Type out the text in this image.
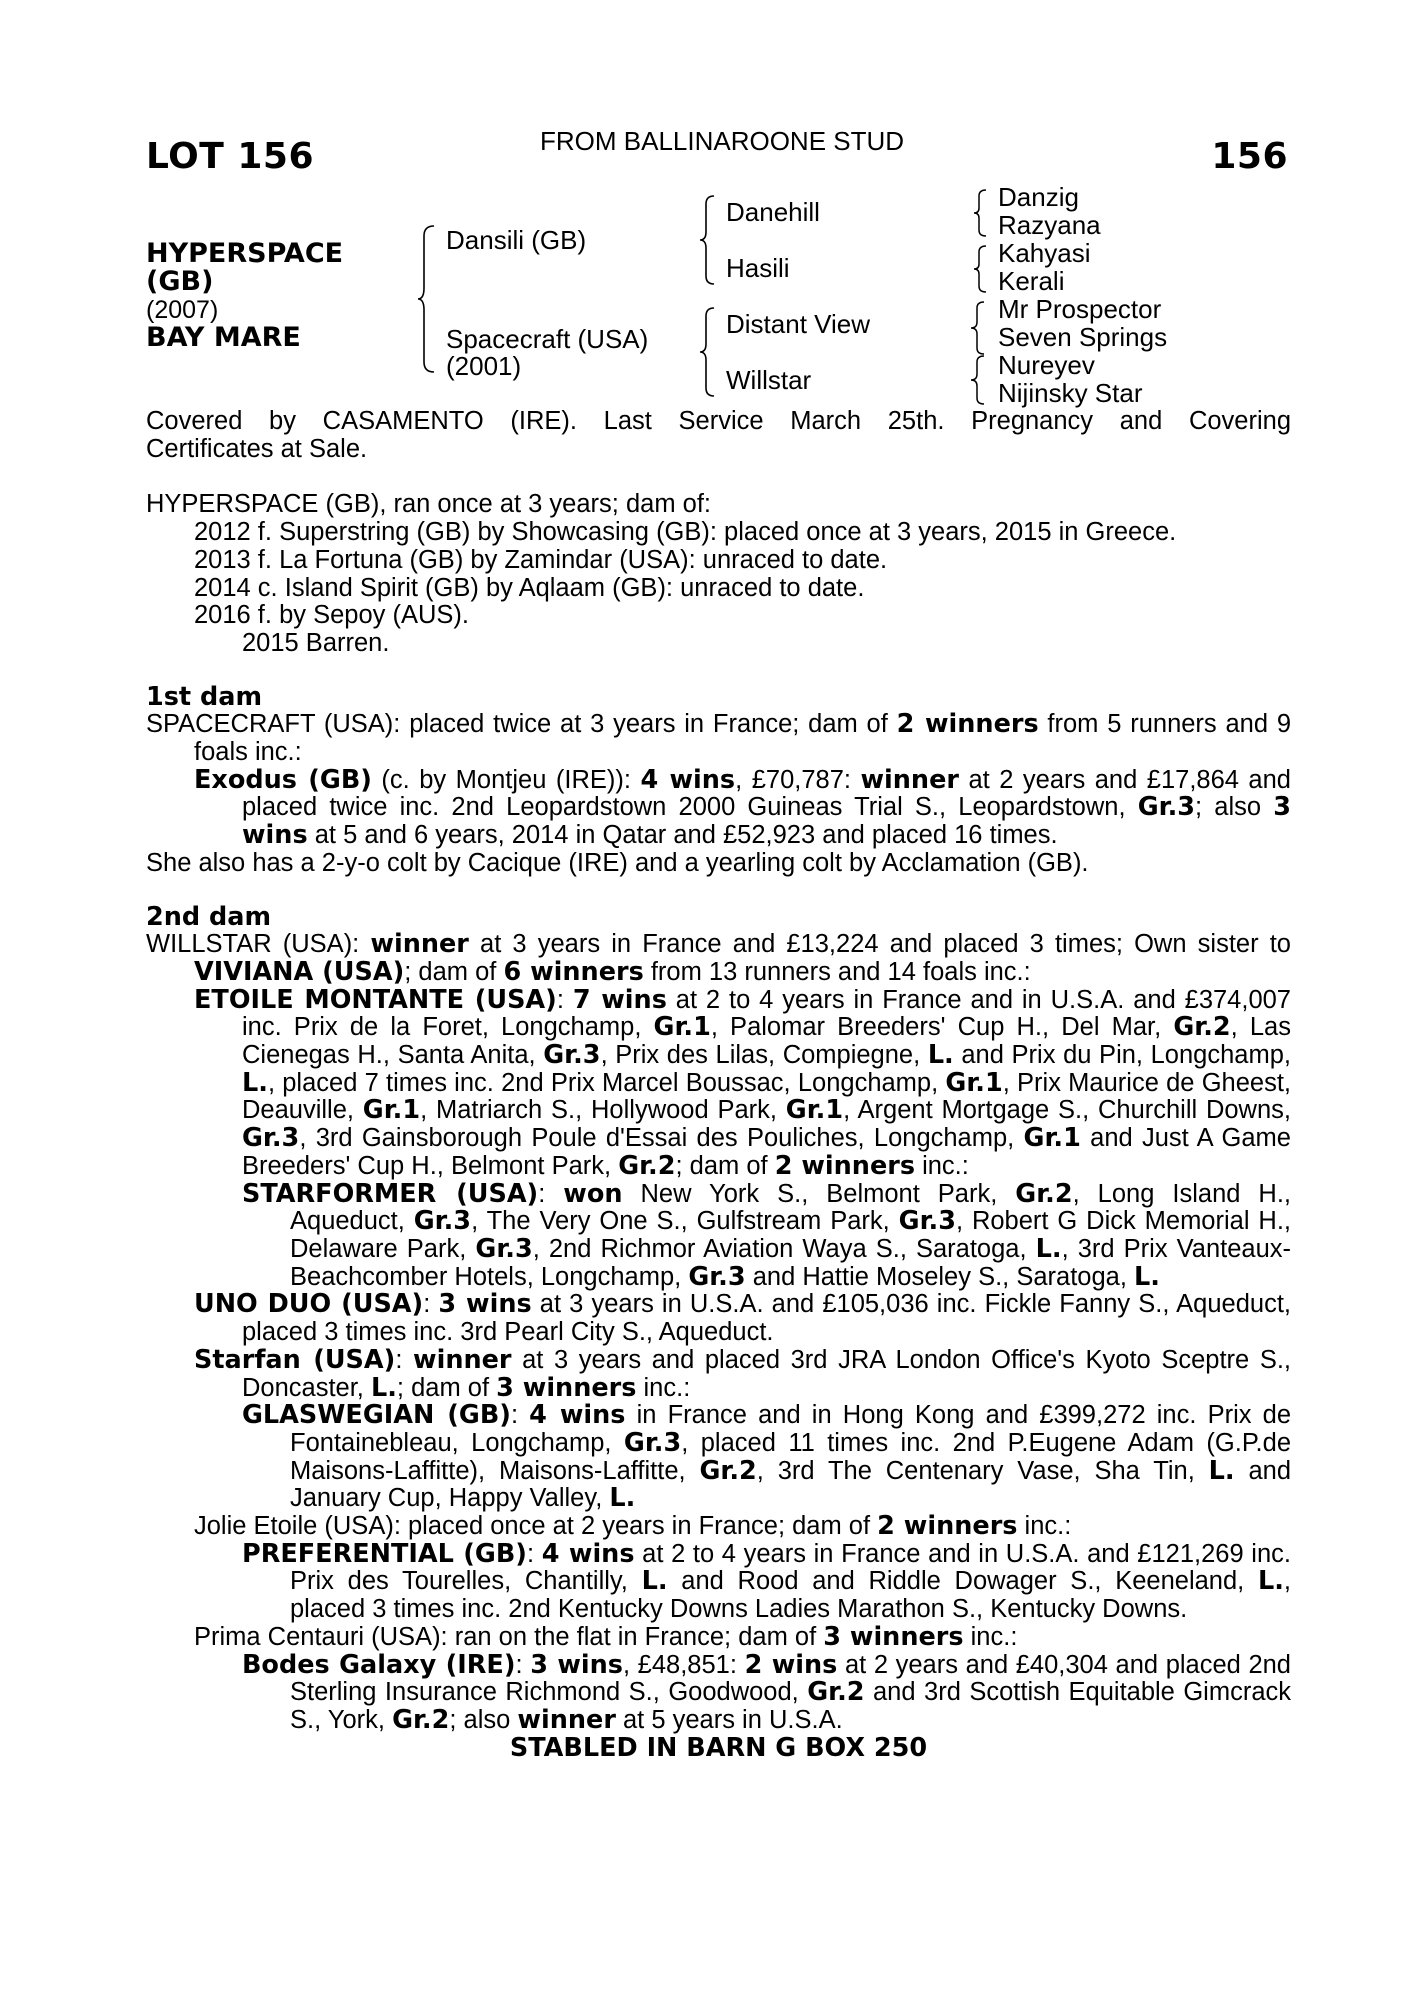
LOT 156	FROM BALLINAROONE STUD	156
HYPERSPACE
(GB)
(2007)
BAY MARE
Dansili (GB)
Spacecraft (USA)
(2001)
Danehill
Hasili
Distant View
Willstar
Danzig
Razyana
Kahyasi
Kerali
Mr Prospector
Seven Springs
Nureyev
Nijinsky Star

Covered by CASAMENTO (IRE). Last Service March 25th. Pregnancy and Covering
Certificates at Sale.

HYPERSPACE (GB), ran once at 3 years; dam of:

2012 f. Superstring (GB) by Showcasing (GB): placed once at 3 years, 2015 in Greece.

2013 f. La Fortuna (GB) by Zamindar (USA): unraced to date.

2014 c. Island Spirit (GB) by Aqlaam (GB): unraced to date.

2016 f. by Sepoy (AUS).

2015 Barren.

1st dam

SPACECRAFT (USA): placed twice at 3 years in France; dam of 2 winners from 5 runners and 9 foals inc.:

Exodus (GB) (c. by Montjeu (IRE)): 4 wins, £70,787: winner at 2 years and £17,864 and placed twice inc. 2nd Leopardstown 2000 Guineas Trial S., Leopardstown, Gr.3; also 3 wins at 5 and 6 years, 2014 in Qatar and £52,923 and placed 16 times.

She also has a 2-y-o colt by Cacique (IRE) and a yearling colt by Acclamation (GB).

2nd dam

WILLSTAR (USA): winner at 3 years in France and £13,224 and placed 3 times; Own sister to VIVIANA (USA); dam of 6 winners from 13 runners and 14 foals inc.:

ETOILE MONTANTE (USA): 7 wins at 2 to 4 years in France and in U.S.A. and £374,007 inc. Prix de la Foret, Longchamp, Gr.1, Palomar Breeders' Cup H., Del Mar, Gr.2, Las Cienegas H., Santa Anita, Gr.3, Prix des Lilas, Compiegne, L. and Prix du Pin, Longchamp, L., placed 7 times inc. 2nd Prix Marcel Boussac, Longchamp, Gr.1, Prix Maurice de Gheest, Deauville, Gr.1, Matriarch S., Hollywood Park, Gr.1, Argent Mortgage S., Churchill Downs, Gr.3, 3rd Gainsborough Poule d'Essai des Pouliches, Longchamp, Gr.1 and Just A Game Breeders' Cup H., Belmont Park, Gr.2; dam of 2 winners inc.:

STARFORMER (USA): won New York S., Belmont Park, Gr.2, Long Island H., Aqueduct, Gr.3, The Very One S., Gulfstream Park, Gr.3, Robert G Dick Memorial H., Delaware Park, Gr.3, 2nd Richmor Aviation Waya S., Saratoga, L., 3rd Prix Vanteaux-Beachcomber Hotels, Longchamp, Gr.3 and Hattie Moseley S., Saratoga, L.

UNO DUO (USA): 3 wins at 3 years in U.S.A. and £105,036 inc. Fickle Fanny S., Aqueduct, placed 3 times inc. 3rd Pearl City S., Aqueduct.

Starfan (USA): winner at 3 years and placed 3rd JRA London Office's Kyoto Sceptre S., Doncaster, L.; dam of 3 winners inc.:

GLASWEGIAN (GB): 4 wins in France and in Hong Kong and £399,272 inc. Prix de Fontainebleau, Longchamp, Gr.3, placed 11 times inc. 2nd P.Eugene Adam (G.P.de Maisons-Laffitte), Maisons-Laffitte, Gr.2, 3rd The Centenary Vase, Sha Tin, L. and January Cup, Happy Valley, L.

Jolie Etoile (USA): placed once at 2 years in France; dam of 2 winners inc.:

PREFERENTIAL (GB): 4 wins at 2 to 4 years in France and in U.S.A. and £121,269 inc. Prix des Tourelles, Chantilly, L. and Rood and Riddle Dowager S., Keeneland, L., placed 3 times inc. 2nd Kentucky Downs Ladies Marathon S., Kentucky Downs.

Prima Centauri (USA): ran on the flat in France; dam of 3 winners inc.:

Bodes Galaxy (IRE): 3 wins, £48,851: 2 wins at 2 years and £40,304 and placed 2nd Sterling Insurance Richmond S., Goodwood, Gr.2 and 3rd Scottish Equitable Gimcrack S., York, Gr.2; also winner at 5 years in U.S.A.

STABLED IN BARN G BOX 250
